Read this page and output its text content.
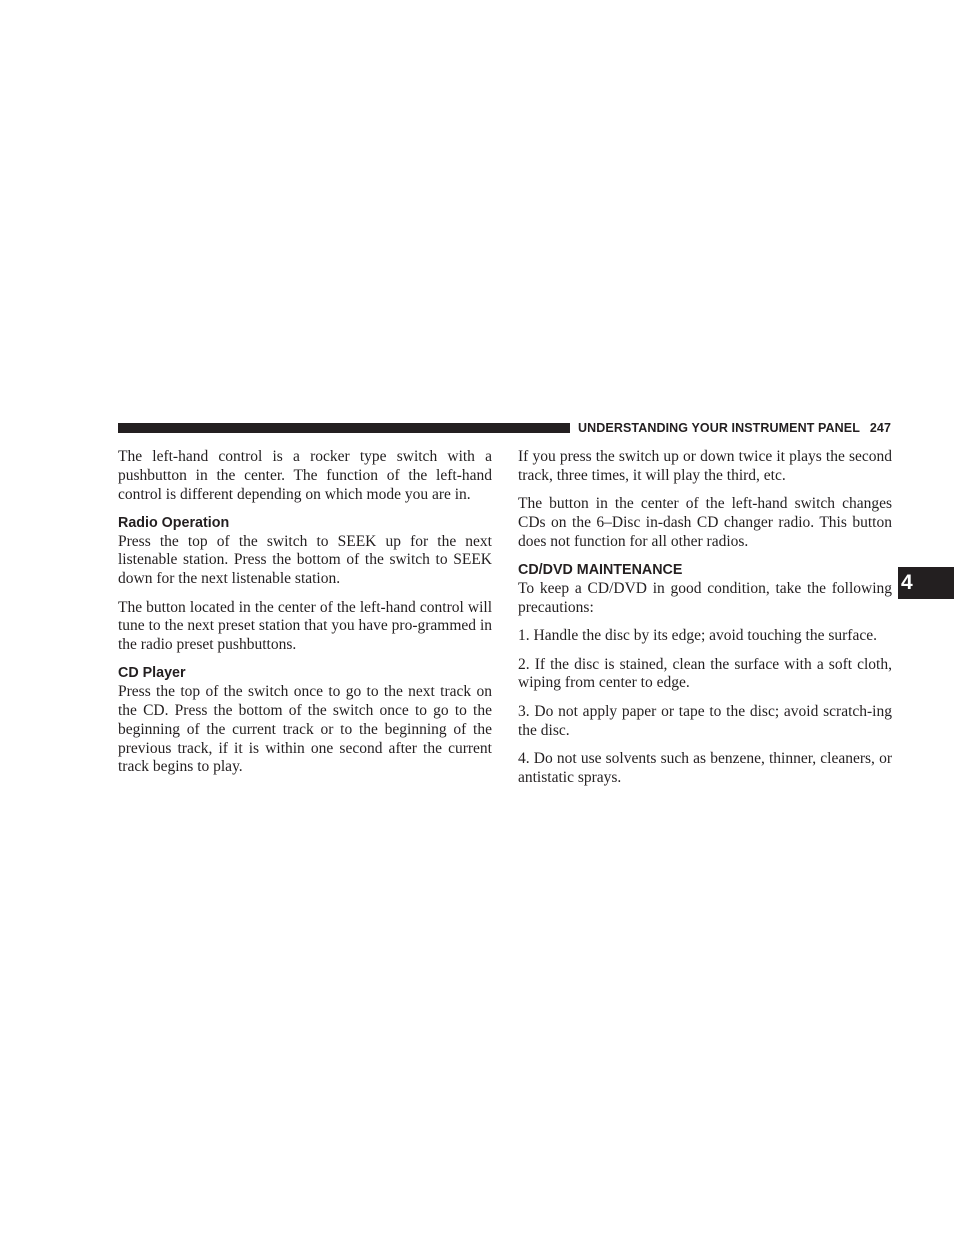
UNDERSTANDING YOUR INSTRUMENT PANEL 247
4

The left-hand control is a rocker type switch with a pushbutton in the center. The function of the left-hand control is different depending on which mode you are in.

Radio Operation

Press the top of the switch to SEEK up for the next listenable station. Press the bottom of the switch to SEEK down for the next listenable station.

The button located in the center of the left-hand control will tune to the next preset station that you have pro-grammed in the radio preset pushbuttons.

CD Player

Press the top of the switch once to go to the next track on the CD. Press the bottom of the switch once to go to the beginning of the current track or to the beginning of the previous track, if it is within one second after the current track begins to play.

If you press the switch up or down twice it plays the second track, three times, it will play the third, etc.

The button in the center of the left-hand switch changes CDs on the 6–Disc in-dash CD changer radio. This button does not function for all other radios.

CD/DVD MAINTENANCE

To keep a CD/DVD in good condition, take the following precautions:

1. Handle the disc by its edge; avoid touching the surface.

2. If the disc is stained, clean the surface with a soft cloth, wiping from center to edge.

3. Do not apply paper or tape to the disc; avoid scratch-ing the disc.

4. Do not use solvents such as benzene, thinner, cleaners, or antistatic sprays.
